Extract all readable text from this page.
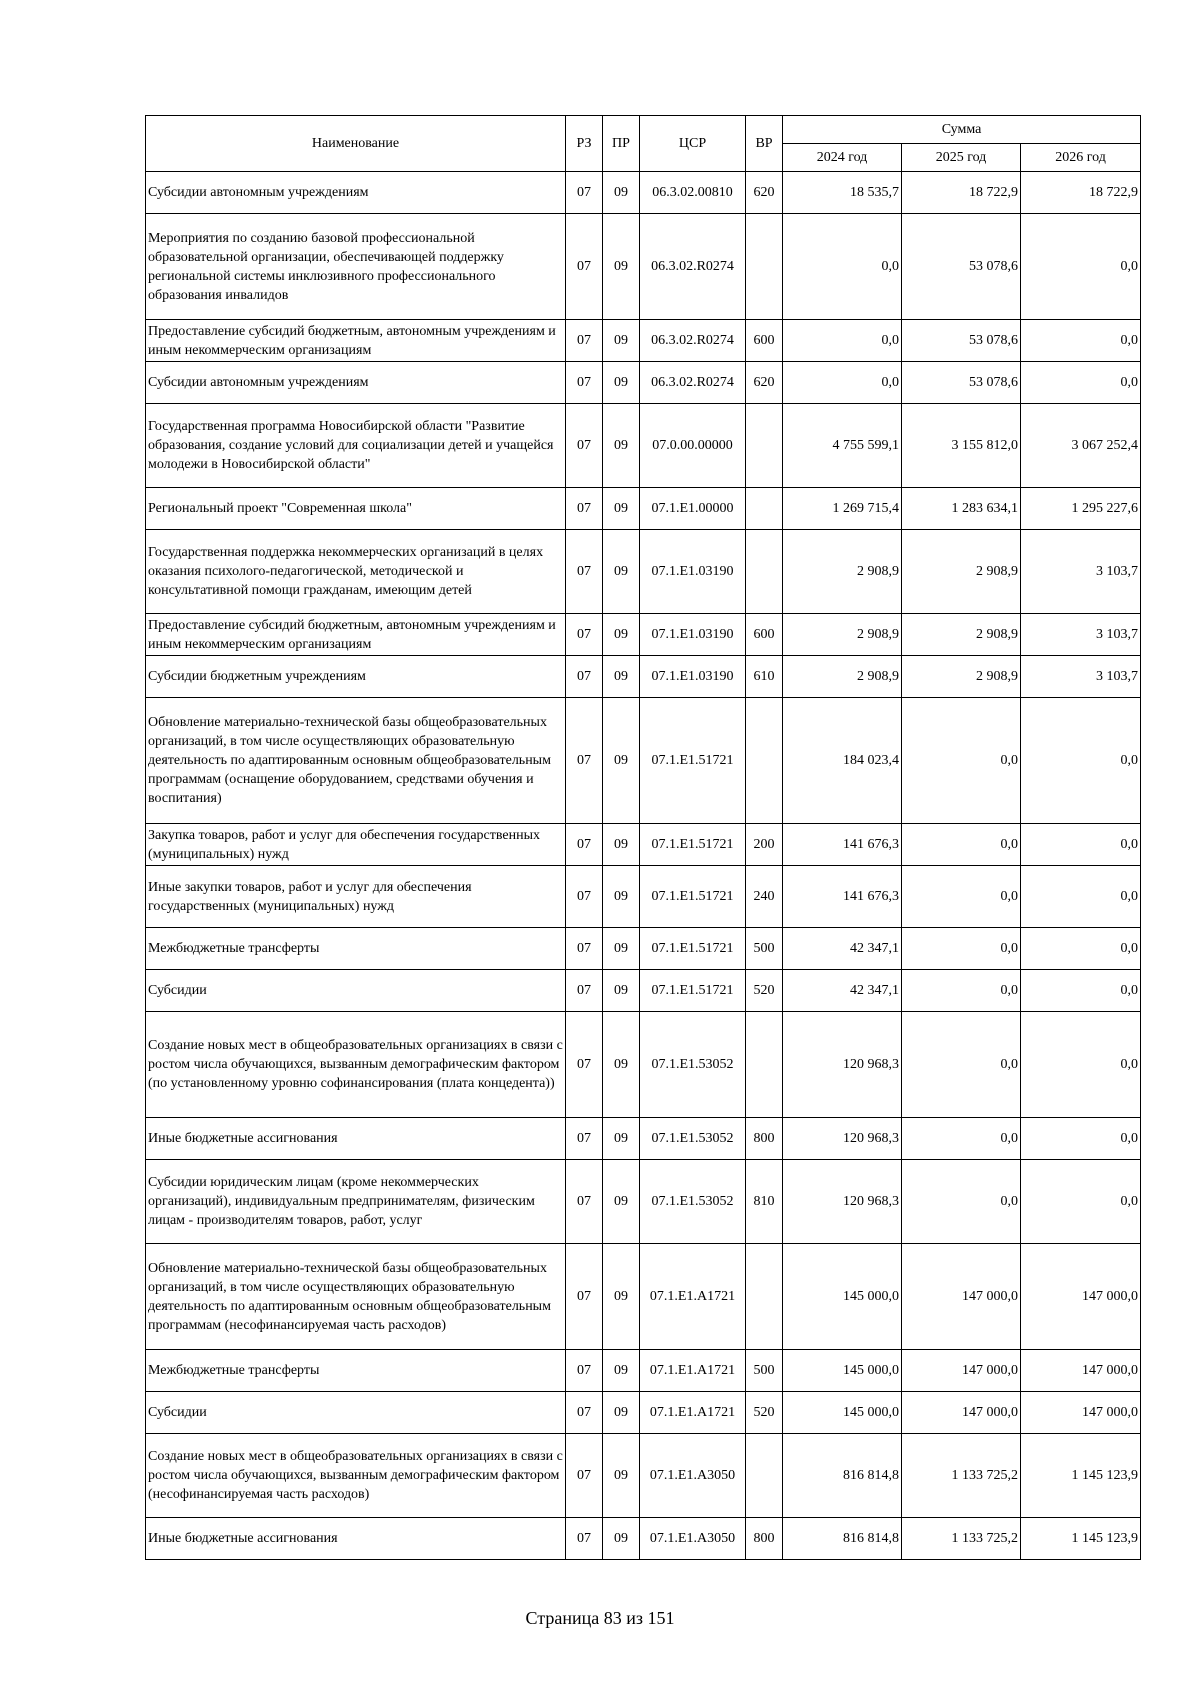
Наименование	РЗ	ПР	ЦСР	ВР	Сумма		
					2024 год	2025 год	2026 год
Субсидии автономным учреждениям	07	09	06.3.02.00810	620	18 535,7	18 722,9	18 722,9
Мероприятия по созданию базовой профессиональной образовательной организации, обеспечивающей поддержку региональной системы инклюзивного профессионального образования инвалидов	07	09	06.3.02.R0274		0,0	53 078,6	0,0
Предоставление субсидий бюджетным, автономным учреждениям и иным некоммерческим организациям	07	09	06.3.02.R0274	600	0,0	53 078,6	0,0
Субсидии автономным учреждениям	07	09	06.3.02.R0274	620	0,0	53 078,6	0,0
Государственная программа Новосибирской области "Развитие образования, создание условий для социализации детей и учащейся молодежи в Новосибирской области"	07	09	07.0.00.00000		4 755 599,1	3 155 812,0	3 067 252,4
Региональный проект "Современная школа"	07	09	07.1.E1.00000		1 269 715,4	1 283 634,1	1 295 227,6
Государственная поддержка некоммерческих организаций в целях оказания психолого-педагогической, методической и консультативной помощи гражданам, имеющим детей	07	09	07.1.E1.03190		2 908,9	2 908,9	3 103,7
Предоставление субсидий бюджетным, автономным учреждениям и иным некоммерческим организациям	07	09	07.1.E1.03190	600	2 908,9	2 908,9	3 103,7
Субсидии бюджетным учреждениям	07	09	07.1.E1.03190	610	2 908,9	2 908,9	3 103,7
Обновление материально-технической базы общеобразовательных организаций, в том числе осуществляющих образовательную деятельность по адаптированным основным общеобразовательным программам (оснащение оборудованием, средствами обучения и воспитания)	07	09	07.1.E1.51721		184 023,4	0,0	0,0
Закупка товаров, работ и услуг для обеспечения государственных (муниципальных) нужд	07	09	07.1.E1.51721	200	141 676,3	0,0	0,0
Иные закупки товаров, работ и услуг для обеспечения государственных (муниципальных) нужд	07	09	07.1.E1.51721	240	141 676,3	0,0	0,0
Межбюджетные трансферты	07	09	07.1.E1.51721	500	42 347,1	0,0	0,0
Субсидии	07	09	07.1.E1.51721	520	42 347,1	0,0	0,0
Создание новых мест в общеобразовательных организациях в связи с ростом числа обучающихся, вызванным демографическим фактором (по установленному уровню софинансирования (плата концедента))	07	09	07.1.E1.53052		120 968,3	0,0	0,0
Иные бюджетные ассигнования	07	09	07.1.E1.53052	800	120 968,3	0,0	0,0
Субсидии юридическим лицам (кроме некоммерческих организаций), индивидуальным предпринимателям, физическим лицам - производителям товаров, работ, услуг	07	09	07.1.E1.53052	810	120 968,3	0,0	0,0
Обновление материально-технической базы общеобразовательных организаций, в том числе осуществляющих образовательную деятельность по адаптированным основным общеобразовательным программам (несофинансируемая часть расходов)	07	09	07.1.E1.A1721		145 000,0	147 000,0	147 000,0
Межбюджетные трансферты	07	09	07.1.E1.A1721	500	145 000,0	147 000,0	147 000,0
Субсидии	07	09	07.1.E1.A1721	520	145 000,0	147 000,0	147 000,0
Создание новых мест в общеобразовательных организациях в связи с ростом числа обучающихся, вызванным демографическим фактором (несофинансируемая часть расходов)	07	09	07.1.E1.A3050		816 814,8	1 133 725,2	1 145 123,9
Иные бюджетные ассигнования	07	09	07.1.E1.A3050	800	816 814,8	1 133 725,2	1 145 123,9
Страница 83 из 151
